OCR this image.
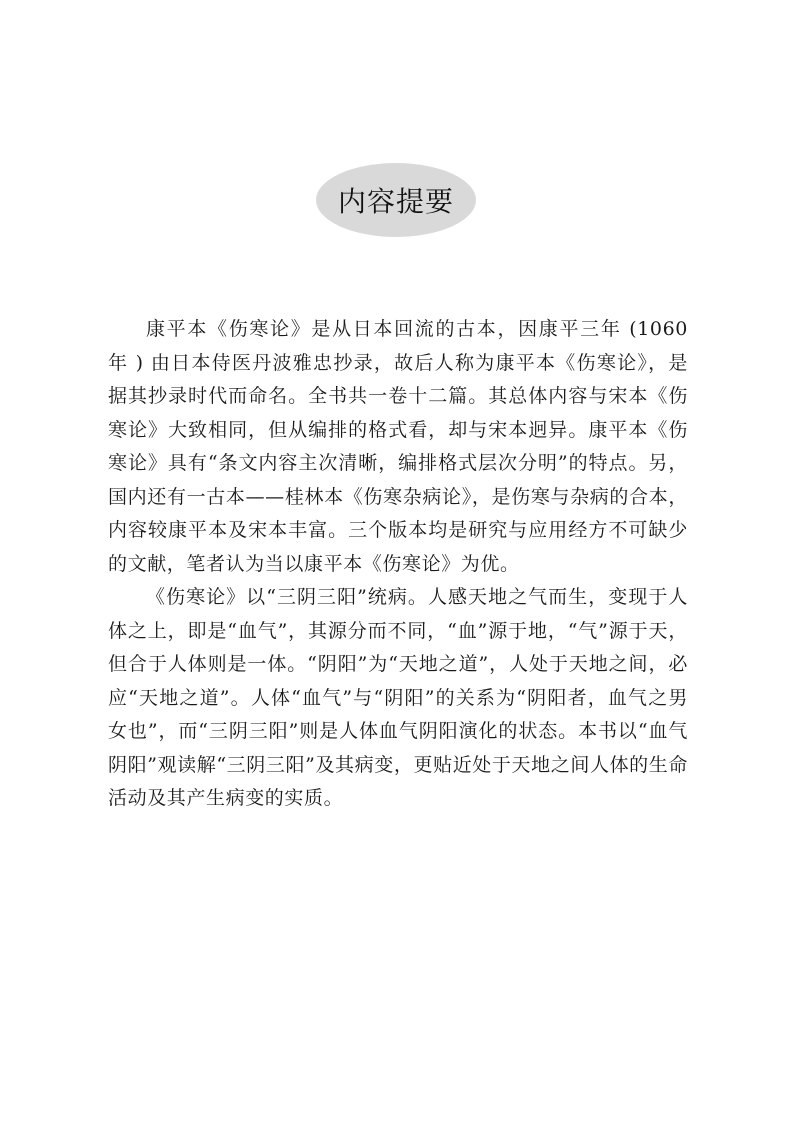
内容提要

康平本《伤寒论》是从日本回流的古本，因康平三年 (1060 年 ) 由日本侍医丹波雅忠抄录，故后人称为康平本《伤寒论》，是据其抄录时代而命名。全书共一卷十二篇。其总体内容与宋本《伤寒论》大致相同，但从编排的格式看，却与宋本迥异。康平本《伤寒论》具有“条文内容主次清晰，编排格式层次分明”的特点。另，国内还有一古本——桂林本《伤寒杂病论》，是伤寒与杂病的合本，内容较康平本及宋本丰富。三个版本均是研究与应用经方不可缺少的文献，笔者认为当以康平本《伤寒论》为优。

《伤寒论》以“三阴三阳”统病。人感天地之气而生，变现于人体之上，即是“血气”，其源分而不同，“血”源于地，“气”源于天，但合于人体则是一体。“阴阳”为“天地之道”，人处于天地之间，必应“天地之道”。人体“血气”与“阴阳”的关系为“阴阳者，血气之男女也”，而“三阴三阳”则是人体血气阴阳演化的状态。本书以“血气阴阳”观读解“三阴三阳”及其病变，更贴近处于天地之间人体的生命活动及其产生病变的实质。
